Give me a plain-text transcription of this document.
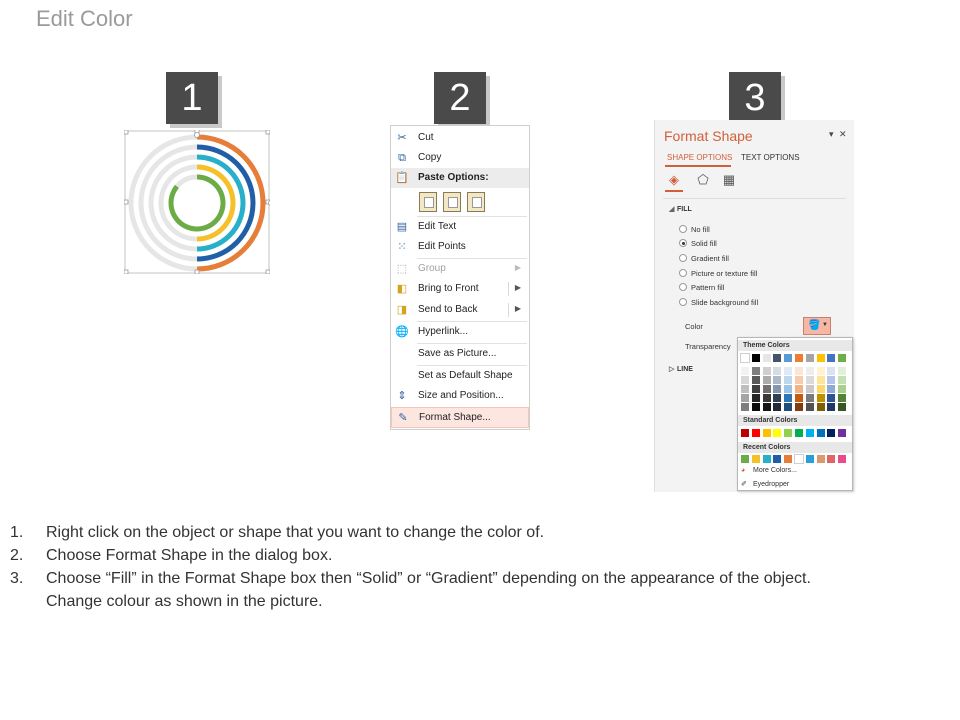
Edit Color
1	2	3
✂ Cut
⧉	Copy
📋 Paste Options:
▤ Edit Text
⁙ Edit Points
⬚ Group	▶
◧ Bring to Front	▶
◨ Send to Back	▶
🌐 Hyperlink...
Save as Picture...
Set as Default Shape
⇕ Size and Position...
✎ Format Shape...
Format Shape	▾ ✕
SHAPE OPTIONS TEXT OPTIONS
◈ ⬠ ▦
◢ FILL
No fill
Solid fill
Gradient fill
Picture or texture fill
Pattern fill
Slide background fill
Color	🪣 ▼
Transparency
▷ LINE
Theme Colors
Standard Colors
Recent Colors
◕ More Colors...
✐ Eyedropper
1.	Right click on the object or shape that you want to change the color of.
2.	Choose Format Shape in the dialog box.
3.	Choose “Fill” in the Format Shape box then “Solid” or “Gradient” depending on the appearance of the object.
Change colour as shown in the picture.
